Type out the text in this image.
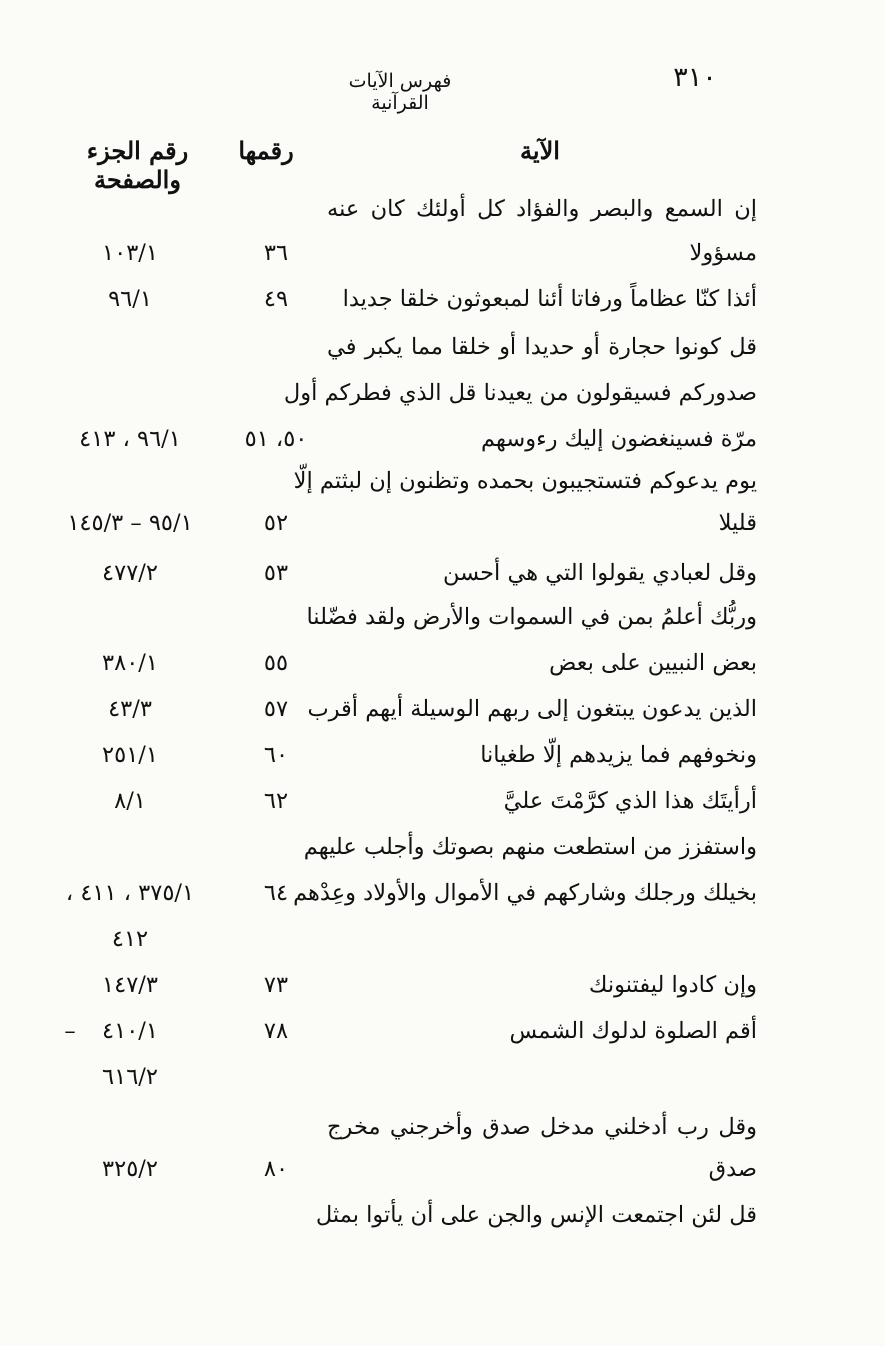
٣١٠
فهرس الآيات القرآنية
الآية
رقمها
رقم الجزء والصفحة
إن السمع والبصر والفؤاد كل أولئك كان عنه
مسؤولا
٣٦
١٠٣/١
أئذا كنّا عظاماً ورفاتا أئنا لمبعوثون خلقا جديدا
٤٩
٩٦/١
قل كونوا حجارة أو حديدا أو خلقا مما يكبر في
صدوركم فسيقولون من يعيدنا قل الذي فطركم أول
مرّة فسينغضون إليك رءوسهم
٥٠، ٥١
٩٦/١ ، ٤١٣
يوم يدعوكم فتستجيبون بحمده وتظنون إن لبثتم إلّا
قليلا
٥٢
٩٥/١ – ١٤٥/٣
وقل لعبادي يقولوا التي هي أحسن
٥٣
٤٧٧/٢
وربُّك أعلمُ بمن في السموات والأرض ولقد فضّلنا
بعض النبيين على بعض
٥٥
٣٨٠/١
الذين يدعون يبتغون إلى ربهم الوسيلة أيهم أقرب
٥٧
٤٣/٣
ونخوفهم فما يزيدهم إلّا طغيانا
٦٠
٢٥١/١
أرأيتَك هذا الذي كرَّمْتَ عليَّ
٦٢
٨/١
واستفزز من استطعت منهم بصوتك وأجلب عليهم
بخيلك ورجلك وشاركهم في الأموال والأولاد وعِدْهم
٦٤
٣٧٥/١ ، ٤١١ ،
٤١٢
وإن كادوا ليفتنونك
٧٣
١٤٧/٣
أقم الصلوة لدلوك الشمس
٧٨
٤١٠/١
–
٦١٦/٢
وقل رب أدخلني مدخل صدق وأخرجني مخرج
صدق
٨٠
٣٢٥/٢
قل لئن اجتمعت الإنس والجن على أن يأتوا بمثل
